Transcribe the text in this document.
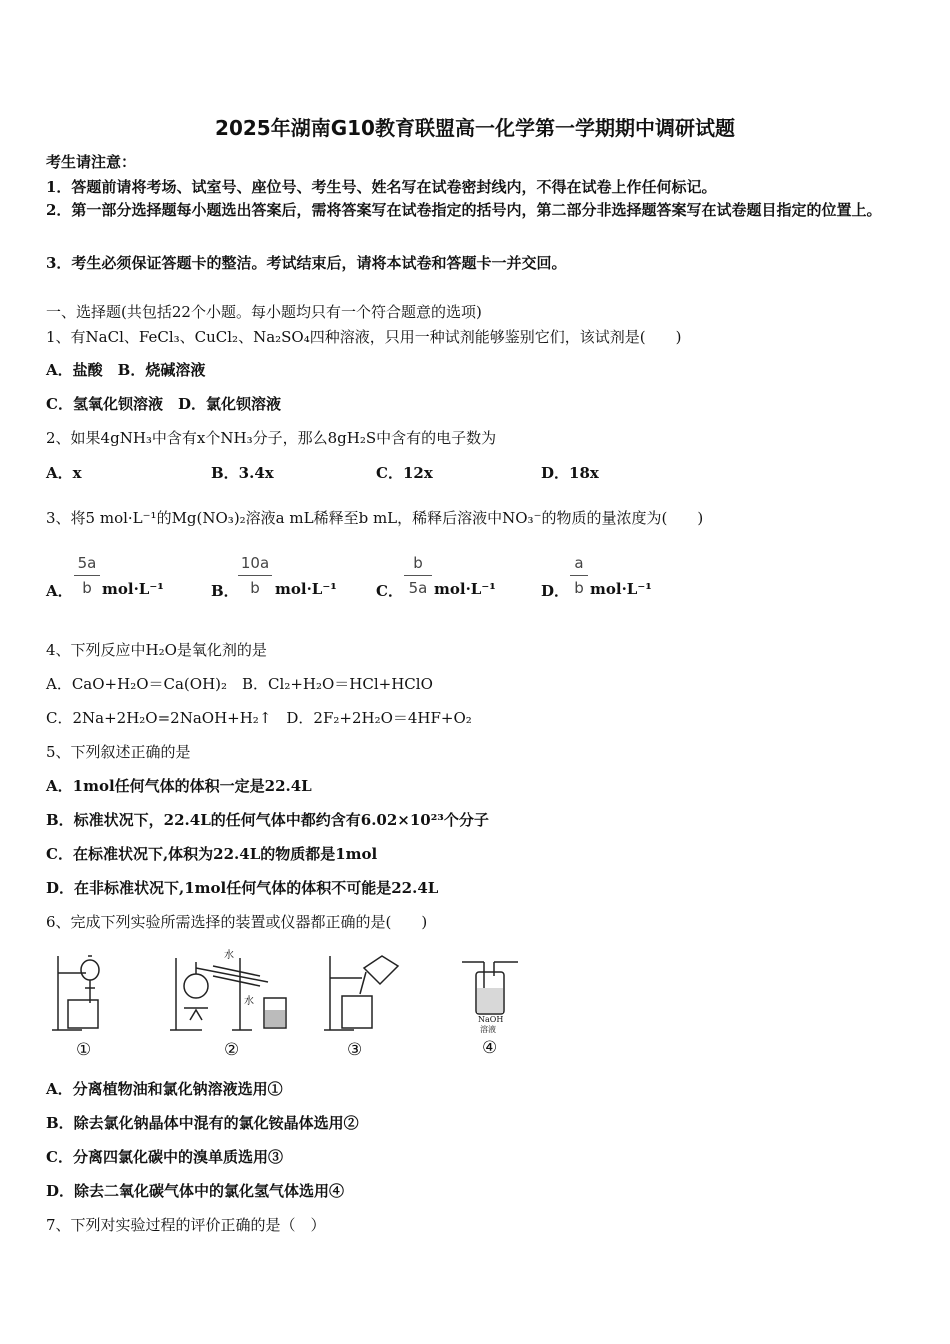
2025年湖南G10教育联盟高一化学第一学期期中调研试题
考生请注意：
1．答题前请将考场、试室号、座位号、考生号、姓名写在试卷密封线内，不得在试卷上作任何标记。
2．第一部分选择题每小题选出答案后，需将答案写在试卷指定的括号内，第二部分非选择题答案写在试卷题目指定的位置上。
3．考生必须保证答题卡的整洁。考试结束后，请将本试卷和答题卡一并交回。
一、选择题(共包括22个小题。每小题均只有一个符合题意的选项)
1、有NaCl、FeCl₃、CuCl₂、Na₂SO₄四种溶液，只用一种试剂能够鉴别它们，该试剂是(　　)
A．盐酸　B．烧碱溶液
C．氢氧化钡溶液　D．氯化钡溶液
2、如果4gNH₃中含有x个NH₃分子，那么8gH₂S中含有的电子数为
A．x	B．3.4x	C．12x	D．18x
3、将5 mol·L⁻¹的Mg(NO₃)₂溶液a mL稀释至b mL，稀释后溶液中NO₃⁻的物质的量浓度为(　　)
A． $\frac{5a}{b} mol\cdot L^{-1}$	B． $\frac{10a}{b} mol\cdot L^{-1}$	C． $\frac{b}{5a} mol\cdot L^{-1}$	D． $\frac{a}{b} mol\cdot L^{-1}$
4、下列反应中H₂O是氧化剂的是
A．CaO+H₂O＝Ca(OH)₂　B．Cl₂+H₂O＝HCl+HClO
C．2Na+2H₂O=2NaOH+H₂↑　D．2F₂+2H₂O＝4HF+O₂
5、下列叙述正确的是
A．1mol任何气体的体积一定是22.4L
B．标准状况下，22.4L的任何气体中都约含有6.02×10²³个分子
C．在标准状况下,体积为22.4L的物质都是1mol
D．在非标准状况下,1mol任何气体的体积不可能是22.4L
6、完成下列实验所需选择的装置或仪器都正确的是(　　)
①
水
水
②	③
NaOH
溶液
④
A．分离植物油和氯化钠溶液选用①
B．除去氯化钠晶体中混有的氯化铵晶体选用②
C．分离四氯化碳中的溴单质选用③
D．除去二氧化碳气体中的氯化氢气体选用④
7、下列对实验过程的评价正确的是（　）
